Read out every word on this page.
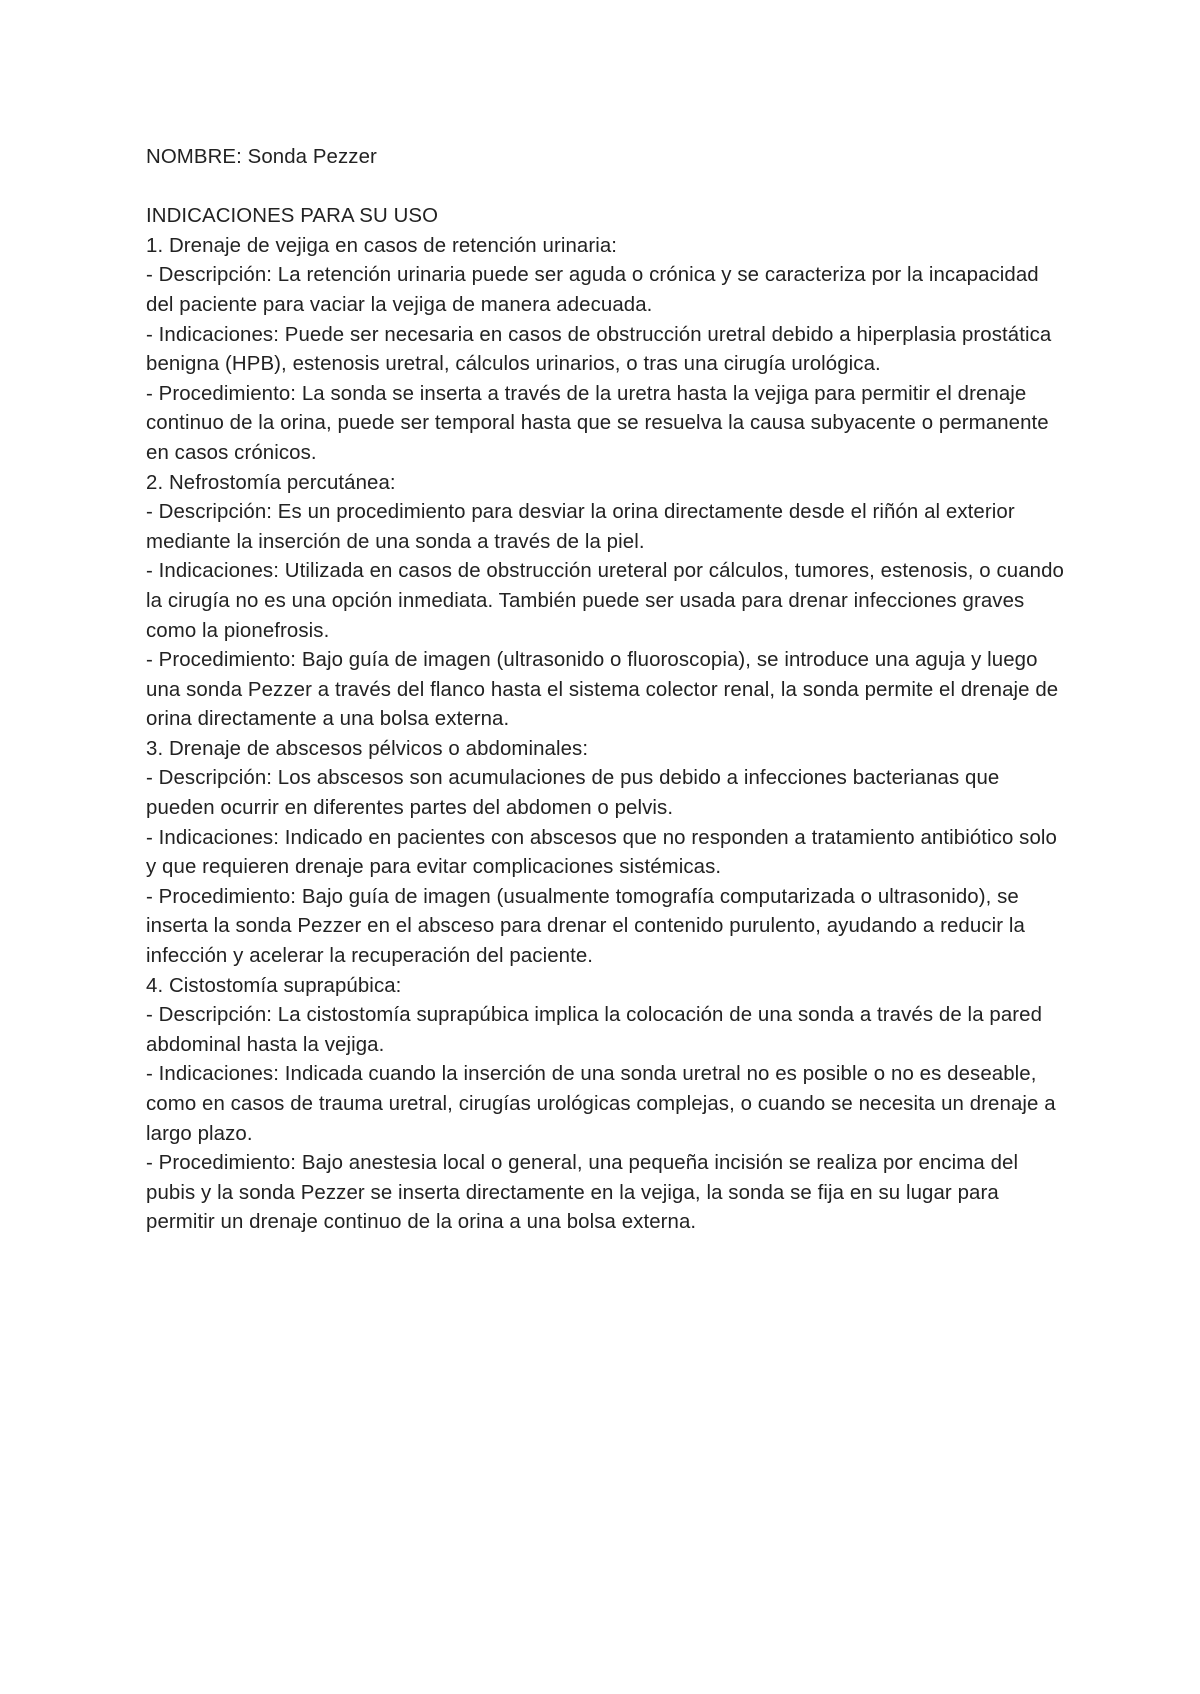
NOMBRE: Sonda Pezzer
INDICACIONES PARA SU USO
1. Drenaje de vejiga en casos de retención urinaria:
- Descripción: La retención urinaria puede ser aguda o crónica y se caracteriza por la incapacidad del paciente para vaciar la vejiga de manera adecuada.
- Indicaciones: Puede ser necesaria en casos de obstrucción uretral debido a hiperplasia prostática benigna (HPB), estenosis uretral, cálculos urinarios, o tras una cirugía urológica.
- Procedimiento: La sonda se inserta a través de la uretra hasta la vejiga para permitir el drenaje continuo de la orina, puede ser temporal hasta que se resuelva la causa subyacente o permanente en casos crónicos.
2. Nefrostomía percutánea:
- Descripción: Es un procedimiento para desviar la orina directamente desde el riñón al exterior mediante la inserción de una sonda a través de la piel.
- Indicaciones: Utilizada en casos de obstrucción ureteral por cálculos, tumores, estenosis, o cuando la cirugía no es una opción inmediata. También puede ser usada para drenar infecciones graves como la pionefrosis.
- Procedimiento: Bajo guía de imagen (ultrasonido o fluoroscopia), se introduce una aguja y luego una sonda Pezzer a través del flanco hasta el sistema colector renal, la sonda permite el drenaje de orina directamente a una bolsa externa.
3. Drenaje de abscesos pélvicos o abdominales:
- Descripción: Los abscesos son acumulaciones de pus debido a infecciones bacterianas que pueden ocurrir en diferentes partes del abdomen o pelvis.
- Indicaciones: Indicado en pacientes con abscesos que no responden a tratamiento antibiótico solo y que requieren drenaje para evitar complicaciones sistémicas.
- Procedimiento: Bajo guía de imagen (usualmente tomografía computarizada o ultrasonido), se inserta la sonda Pezzer en el absceso para drenar el contenido purulento, ayudando a reducir la infección y acelerar la recuperación del paciente.
4. Cistostomía suprapúbica:
- Descripción: La cistostomía suprapúbica implica la colocación de una sonda a través de la pared abdominal hasta la vejiga.
- Indicaciones: Indicada cuando la inserción de una sonda uretral no es posible o no es deseable, como en casos de trauma uretral, cirugías urológicas complejas, o cuando se necesita un drenaje a largo plazo.
- Procedimiento: Bajo anestesia local o general, una pequeña incisión se realiza por encima del pubis y la sonda Pezzer se inserta directamente en la vejiga, la sonda se fija en su lugar para permitir un drenaje continuo de la orina a una bolsa externa.
